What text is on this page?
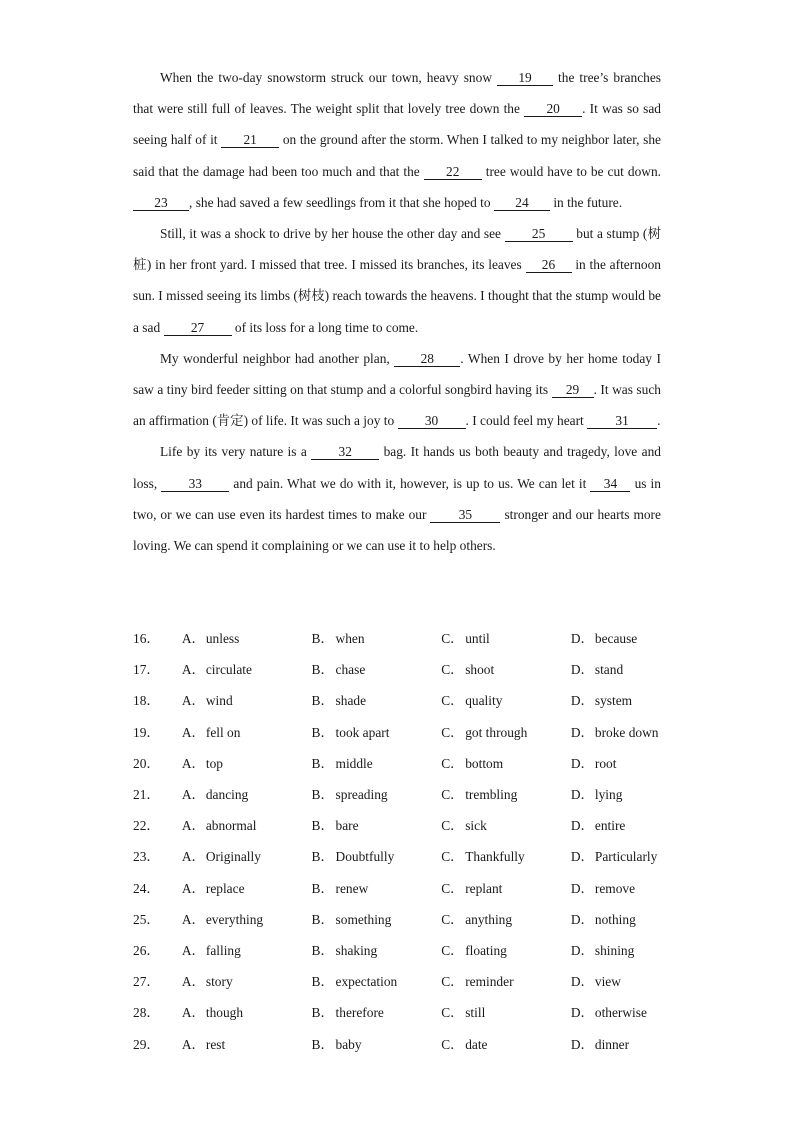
When the two-day snowstorm struck our town, heavy snow 19 the tree’s branches that were still full of leaves. The weight split that lovely tree down the 20 . It was so sad seeing half of it 21 on the ground after the storm. When I talked to my neighbor later, she said that the damage had been too much and that the 22 tree would have to be cut down. 23 , she had saved a few seedlings from it that she hoped to 24 in the future.

Still, it was a shock to drive by her house the other day and see 25 but a stump (树桩) in her front yard. I missed that tree. I missed its branches, its leaves 26 in the afternoon sun. I missed seeing its limbs (树枝) reach towards the heavens. I thought that the stump would be a sad 27 of its loss for a long time to come.

My wonderful neighbor had another plan, 28 . When I drove by her home today I saw a tiny bird feeder sitting on that stump and a colorful songbird having its 29 . It was such an affirmation (肯定) of life. It was such a joy to 30 . I could feel my heart 31 .

Life by its very nature is a 32 bag. It hands us both beauty and tragedy, love and loss, 33 and pain. What we do with it, however, is up to us. We can let it 34 us in two, or we can use even its hardest times to make our 35 stronger and our hearts more loving. We can spend it complaining or we can use it to help others.

16．	A．unless	B． when	C． until	D．because
17．	A．circulate	B． chase	C． shoot	D．stand
18．	A．wind	B． shade	C． quality	D．system
19．	A．fell on	B． took apart	C． got through	D．broke down
20．	A．top	B． middle	C． bottom	D．root
21．	A．dancing	B． spreading	C． trembling	D．lying
22．	A．abnormal	B． bare	C． sick	D．entire
23．	A．Originally	B． Doubtfully	C． Thankfully	D．Particularly
24．	A．replace	B． renew	C． replant	D．remove
25．	A．everything	B． something	C． anything	D．nothing
26．	A．falling	B． shaking	C． floating	D．shining
27．	A．story	B． expectation	C． reminder	D．view
28．	A．though	B． therefore	C． still	D．otherwise
29．	A．rest	B． baby	C． date	D．dinner
